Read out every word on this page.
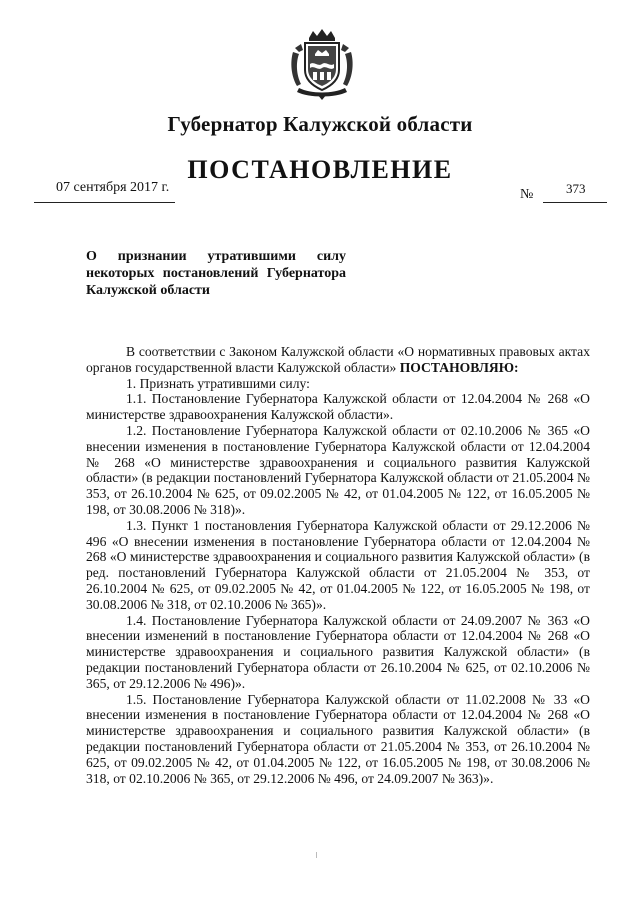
Губернатор Калужской области
ПОСТАНОВЛЕНИЕ
07 сентября 2017 г.	№	373
О признании утратившими силу некоторых постановлений Губернатора Калужской области

В соответствии с Законом Калужской области «О нормативных правовых актах органов государственной власти Калужской области» ПОСТАНОВЛЯЮ:

1. Признать утратившими силу:

1.1. Постановление Губернатора Калужской области от 12.04.2004 № 268 «О министерстве здравоохранения Калужской области».

1.2. Постановление Губернатора Калужской области от 02.10.2006 № 365 «О внесении изменения в постановление Губернатора Калужской области от 12.04.2004 № 268 «О министерстве здравоохранения и социального развития Калужской области» (в редакции постановлений Губернатора Калужской области от 21.05.2004 № 353, от 26.10.2004 № 625, от 09.02.2005 № 42, от 01.04.2005 № 122, от 16.05.2005 № 198, от 30.08.2006 № 318)».

1.3. Пункт 1 постановления Губернатора Калужской области от 29.12.2006 № 496 «О внесении изменения в постановление Губернатора области от 12.04.2004 № 268 «О министерстве здравоохранения и социального развития Калужской области» (в ред. постановлений Губернатора Калужской области от 21.05.2004 № 353, от 26.10.2004 № 625, от 09.02.2005 № 42, от 01.04.2005 № 122, от 16.05.2005 № 198, от 30.08.2006 № 318, от 02.10.2006 № 365)».

1.4. Постановление Губернатора Калужской области от 24.09.2007 № 363 «О внесении изменений в постановление Губернатора области от 12.04.2004 № 268 «О министерстве здравоохранения и социального развития Калужской области» (в редакции постановлений Губернатора области от 26.10.2004 № 625, от 02.10.2006 № 365, от 29.12.2006 № 496)».

1.5. Постановление Губернатора Калужской области от 11.02.2008 № 33 «О внесении изменения в постановление Губернатора области от 12.04.2004 № 268 «О министерстве здравоохранения и социального развития Калужской области» (в редакции постановлений Губернатора области от 21.05.2004 № 353, от 26.10.2004 № 625, от 09.02.2005 № 42, от 01.04.2005 № 122, от 16.05.2005 № 198, от 30.08.2006 № 318, от 02.10.2006 № 365, от 29.12.2006 № 496, от 24.09.2007 № 363)».
